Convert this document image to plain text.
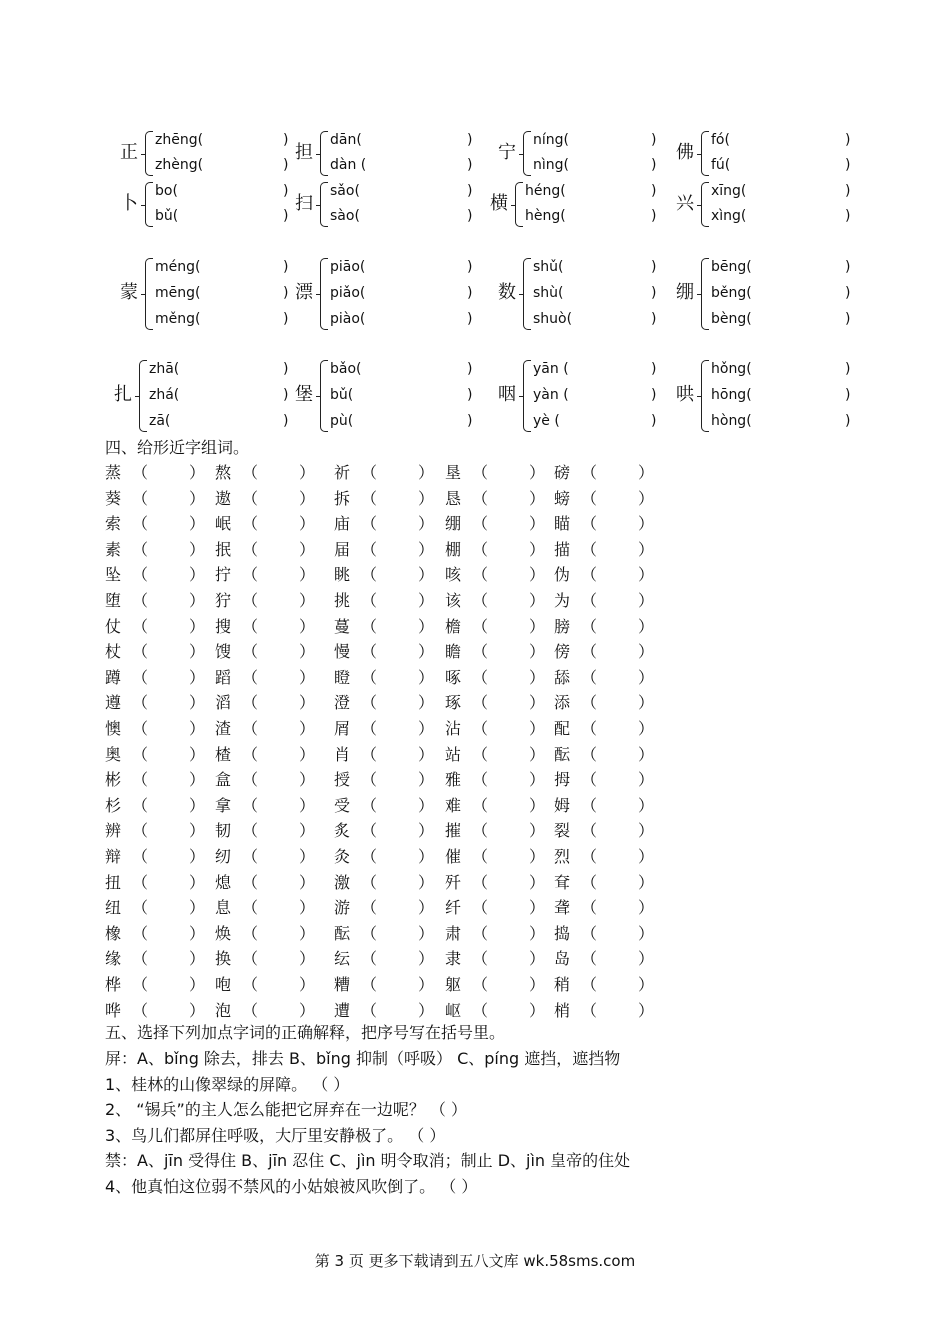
正
zhēng(	)
zhèng(	)
担
dān(	)
dàn (	)
宁
níng(	)
nìng(	)
佛
fó(	)
fú(	)
卜
bo(	)
bǔ(	)
扫
sǎo(	)
sào(	)
横
héng(	)
hèng(	)
兴
xīng(	)
xìng(	)
蒙
méng(	)
mēng(	)
měng(	)
漂
piāo(	)
piǎo(	)
piào(	)
数
shǔ(	)
shù(	)
shuò(	)
绷
bēng(	)
běng(	)
bèng(	)
扎
zhā(	)
zhá(	)
zā(	)
堡
bǎo(	)
bǔ(	)
pù(	)
咽
yān (	)
yàn (	)
yè (	)
哄
hǒng(	)
hōng(	)
hòng(	)
四、给形近字组词。
蒸 （	） 熬 （	） 祈 （	） 垦 （	） 磅 （	）
葵 （	） 遨 （	） 拆 （	） 恳 （	） 螃 （	）
索 （	） 岷 （	） 庙 （	） 绷 （	） 瞄 （	）
素 （	） 抿 （	） 届 （	） 棚 （	） 描 （	）
坠 （	） 拧 （	） 眺 （	） 咳 （	） 伪 （	）
堕 （	） 狞 （	） 挑 （	） 该 （	） 为 （	）
仗 （	） 搜 （	） 蔓 （	） 檐 （	） 膀 （	）
杖 （	） 馊 （	） 慢 （	） 瞻 （	） 傍 （	）
蹲 （	） 蹈 （	） 瞪 （	） 啄 （	） 舔 （	）
遵 （	） 滔 （	） 澄 （	） 琢 （	） 添 （	）
懊 （	） 渣 （	） 屑 （	） 沾 （	） 配 （	）
奥 （	） 楂 （	） 肖 （	） 站 （	） 酝 （	）
彬 （	） 盒 （	） 授 （	） 雅 （	） 拇 （	）
杉 （	） 拿 （	） 受 （	） 难 （	） 姆 （	）
辨 （	） 韧 （	） 炙 （	） 摧 （	） 裂 （	）
辩 （	） 纫 （	） 灸 （	） 催 （	） 烈 （	）
扭 （	） 熄 （	） 激 （	） 歼 （	） 耷 （	）
纽 （	） 息 （	） 游 （	） 纤 （	） 聋 （	）
橡 （	） 焕 （	） 酝 （	） 肃 （	） 捣 （	）
缘 （	） 换 （	） 纭 （	） 隶 （	） 岛 （	）
桦 （	） 咆 （	） 糟 （	） 躯 （	） 稍 （	）
哗 （	） 泡 （	） 遭 （	） 岖 （	） 梢 （	）
五、选择下列加点字词的正确解释，把序号写在括号里。
屏：A、bǐng 除去，排去 B、bǐng 抑制（呼吸） C、píng 遮挡，遮挡物
1、桂林的山像翠绿的屏障。 （ ）
2、 “锡兵”的主人怎么能把它屏弃在一边呢？ （ ）
3、鸟儿们都屏住呼吸，大厅里安静极了。 （ ）
禁：A、jīn 受得住 B、jīn 忍住 C、jìn 明令取消；制止 D、jìn 皇帝的住处
4、他真怕这位弱不禁风的小姑娘被风吹倒了。 （ ）
第 3 页 更多下载请到五八文库 wk.58sms.com
